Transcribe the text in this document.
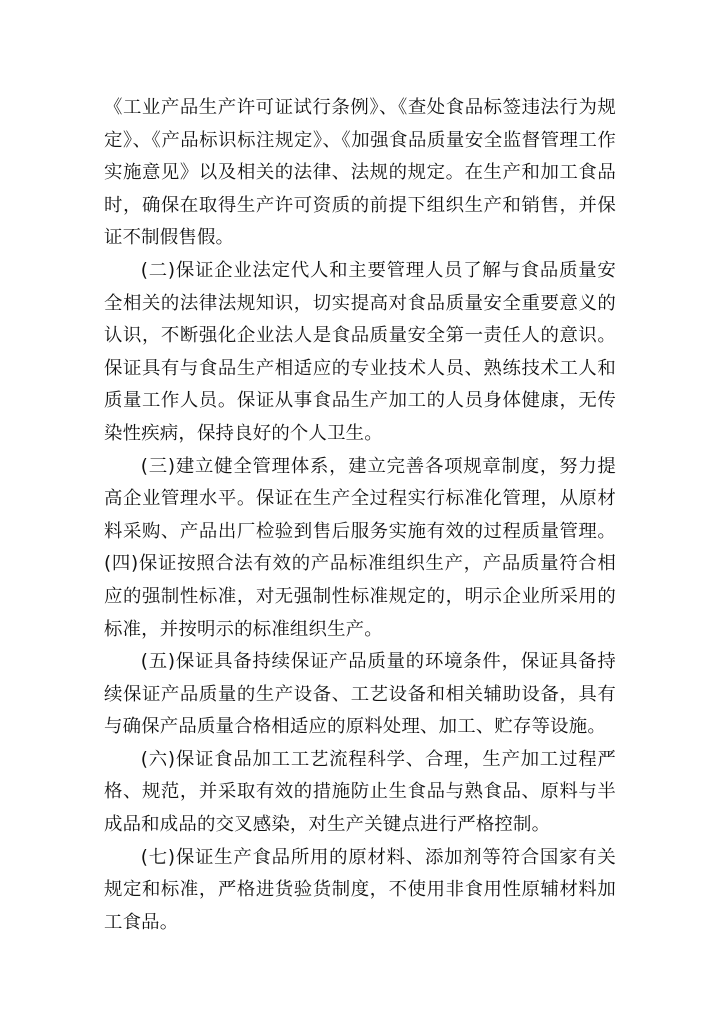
《工业产品生产许可证试行条例》、《查处食品标签违法行为规定》、《产品标识标注规定》、《加强食品质量安全监督管理工作实施意见》以及相关的法律、法规的规定。在生产和加工食品时，确保在取得生产许可资质的前提下组织生产和销售，并保证不制假售假。

(二)保证企业法定代人和主要管理人员了解与食品质量安全相关的法律法规知识，切实提高对食品质量安全重要意义的认识，不断强化企业法人是食品质量安全第一责任人的意识。保证具有与食品生产相适应的专业技术人员、熟练技术工人和质量工作人员。保证从事食品生产加工的人员身体健康，无传染性疾病，保持良好的个人卫生。

(三)建立健全管理体系，建立完善各项规章制度，努力提高企业管理水平。保证在生产全过程实行标准化管理，从原材料采购、产品出厂检验到售后服务实施有效的过程质量管理。(四)保证按照合法有效的产品标准组织生产，产品质量符合相应的强制性标准，对无强制性标准规定的，明示企业所采用的标准，并按明示的标准组织生产。

(五)保证具备持续保证产品质量的环境条件，保证具备持续保证产品质量的生产设备、工艺设备和相关辅助设备，具有与确保产品质量合格相适应的原料处理、加工、贮存等设施。

(六)保证食品加工工艺流程科学、合理，生产加工过程严格、规范，并采取有效的措施防止生食品与熟食品、原料与半成品和成品的交叉感染，对生产关键点进行严格控制。

(七)保证生产食品所用的原材料、添加剂等符合国家有关规定和标准，严格进货验货制度，不使用非食用性原辅材料加工食品。
